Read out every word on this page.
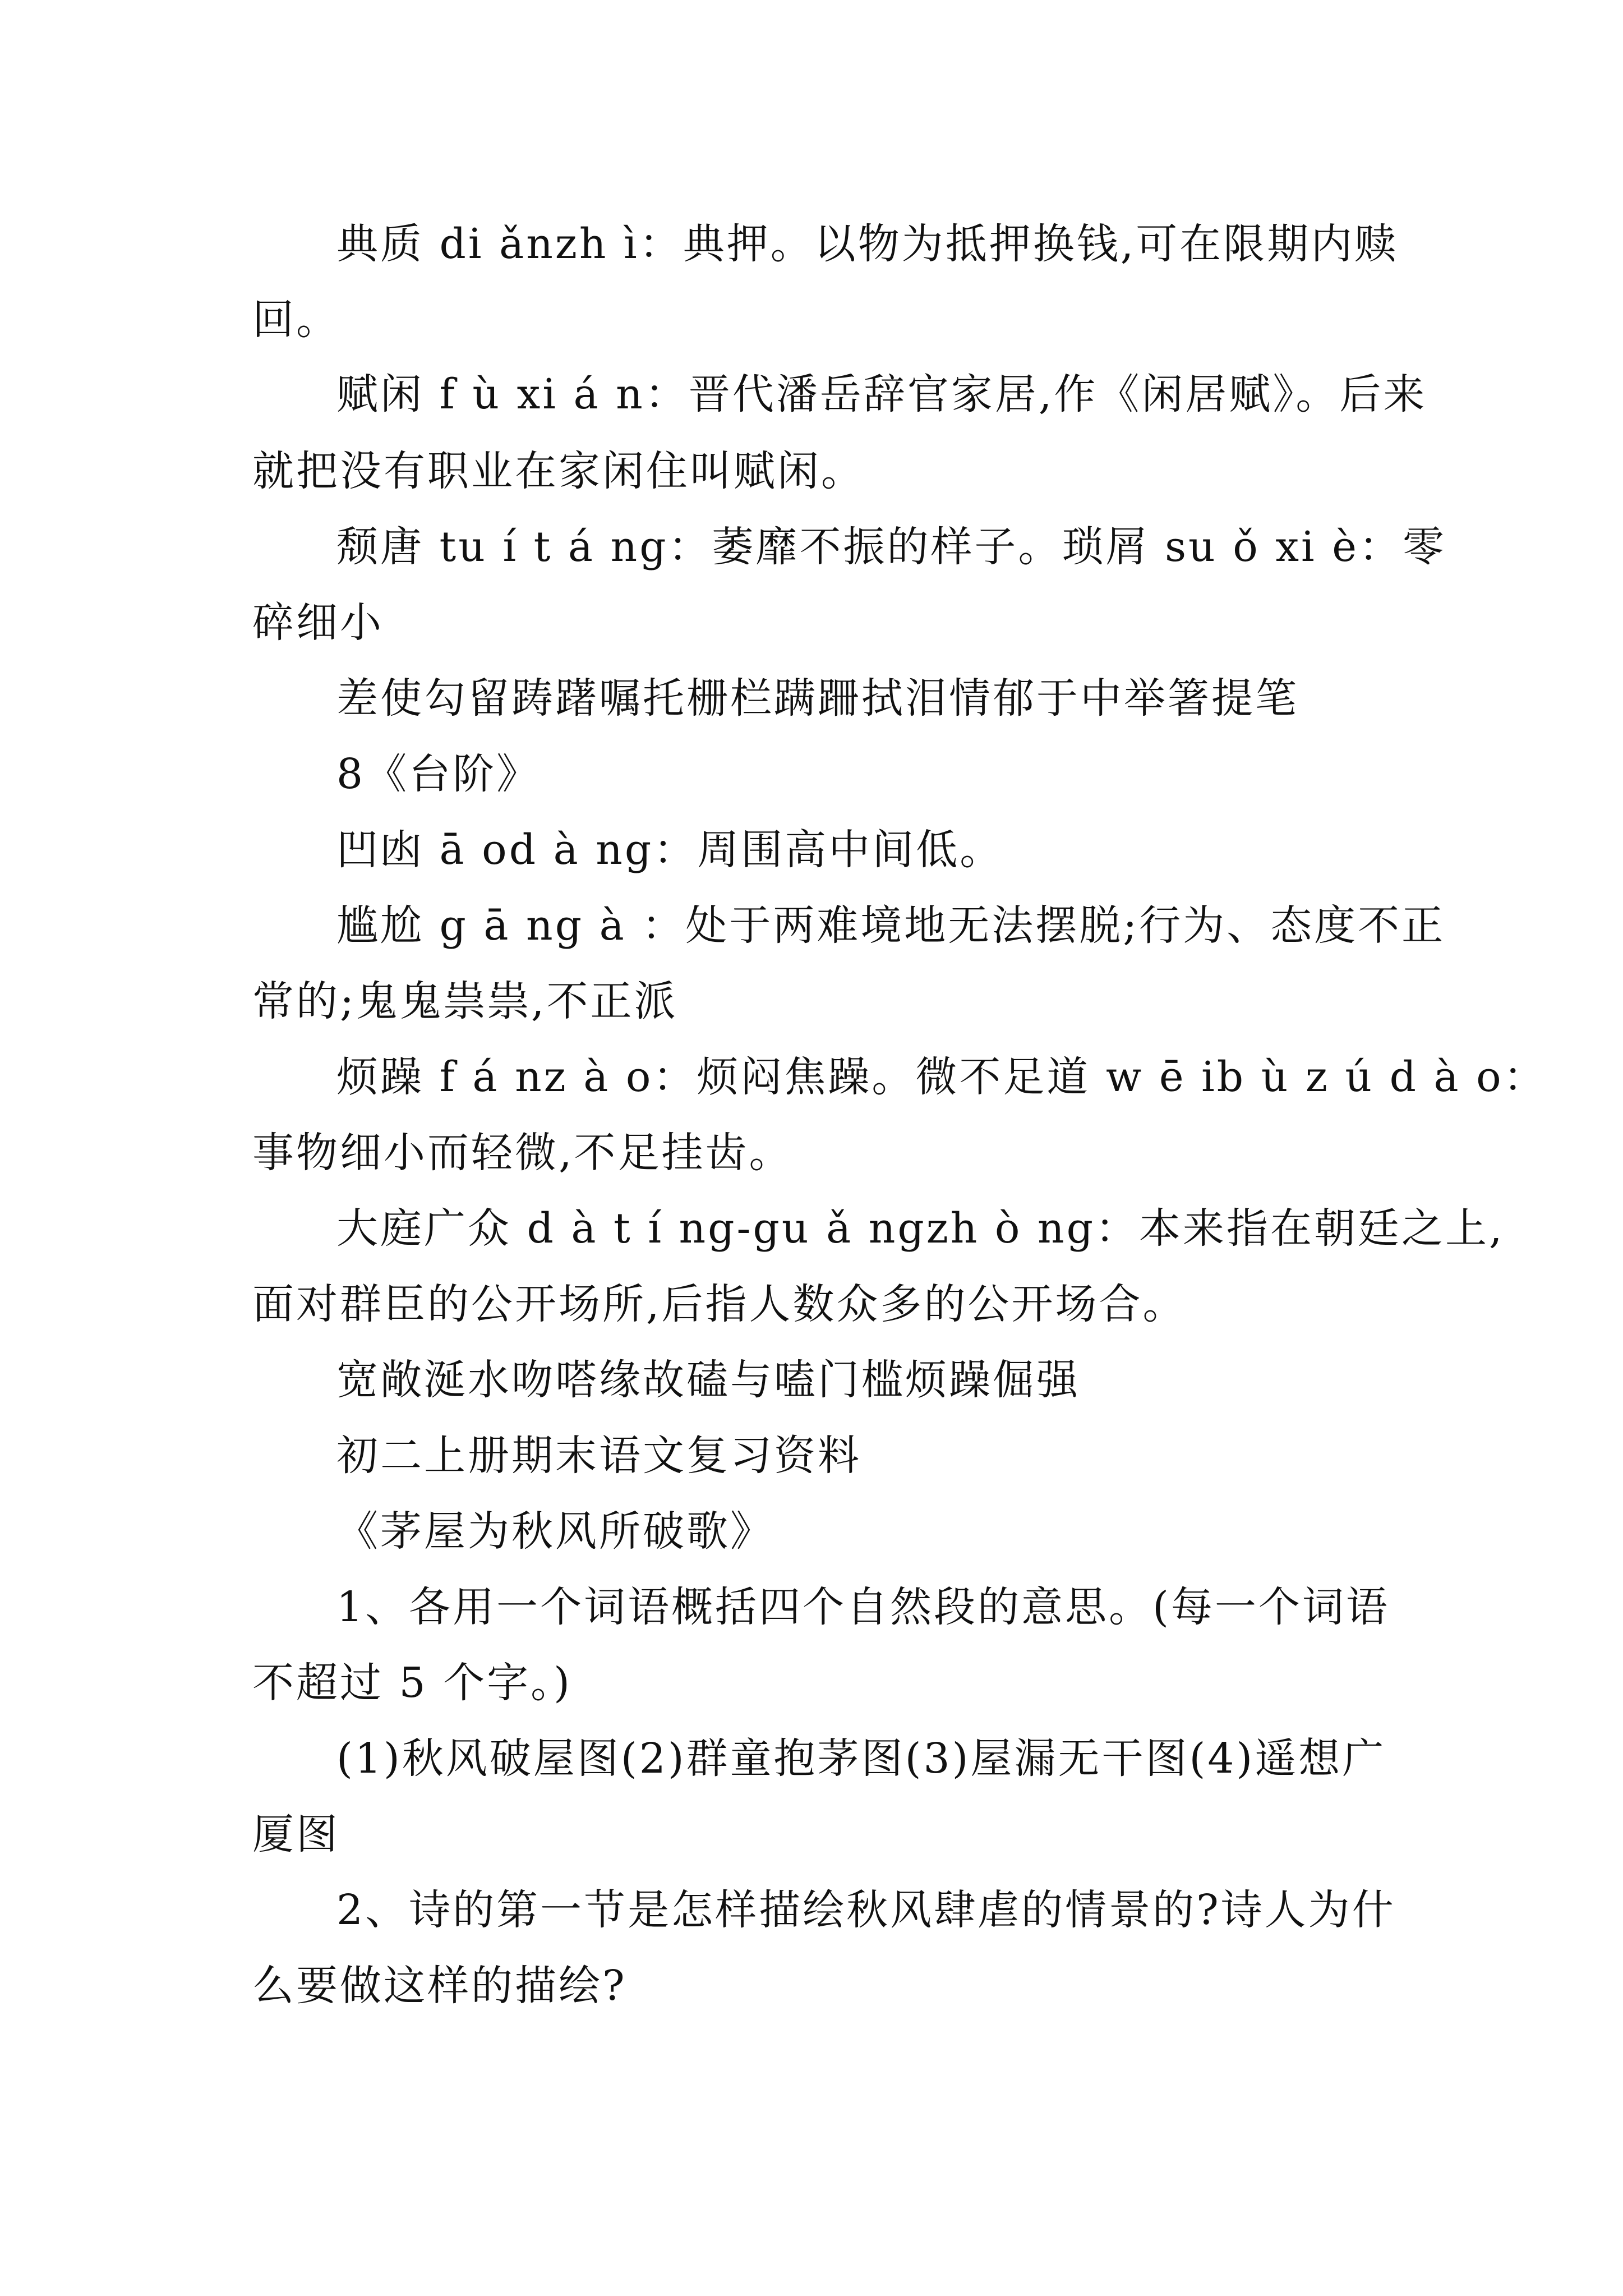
典质 di ǎnzh ì：典押。以物为抵押换钱,可在限期内赎
回。
赋闲 f ù xi á n：晋代潘岳辞官家居,作《闲居赋》。后来
就把没有职业在家闲住叫赋闲。
颓唐 tu í t á ng：萎靡不振的样子。琐屑 su ǒ xi è：零
碎细小
差使勾留踌躇嘱托栅栏蹒跚拭泪情郁于中举箸提笔
8《台阶》
凹凼 ā od à ng：周围高中间低。
尴尬 g ā ng à ：处于两难境地无法摆脱;行为、态度不正
常的;鬼鬼祟祟,不正派
烦躁 f á nz à o：烦闷焦躁。微不足道 w ē ib ù z ú d à o：
事物细小而轻微,不足挂齿。
大庭广众 d à t í ng-gu ǎ ngzh ò ng：本来指在朝廷之上,
面对群臣的公开场所,后指人数众多的公开场合。
宽敞涎水吻嗒缘故磕与嗑门槛烦躁倔强
初二上册期末语文复习资料
《茅屋为秋风所破歌》
1、各用一个词语概括四个自然段的意思。(每一个词语
不超过 5 个字。)
(1)秋风破屋图(2)群童抱茅图(3)屋漏无干图(4)遥想广
厦图
2、诗的第一节是怎样描绘秋风肆虐的情景的?诗人为什
么要做这样的描绘?
